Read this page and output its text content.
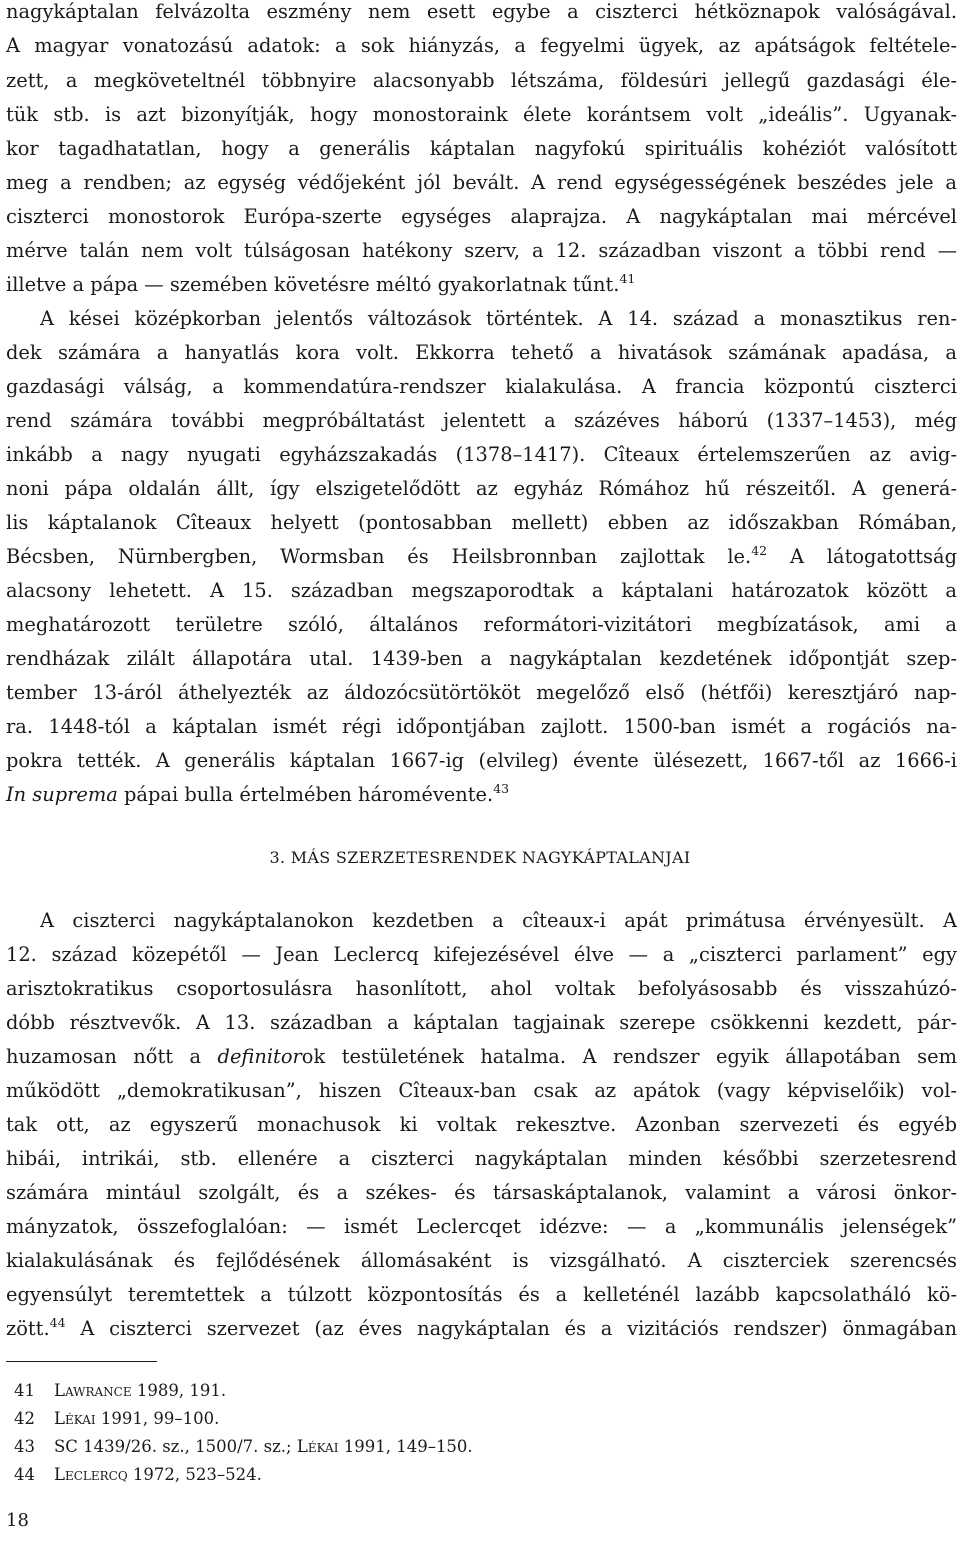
nagykáptalan felvázolta eszmény nem esett egybe a ciszterci hétköznapok valóságával.
A magyar vonatozású adatok: a sok hiányzás, a fegyelmi ügyek, az apátságok feltétele-
zett, a megköveteltnél többnyire alacsonyabb létszáma, földesúri jellegű gazdasági éle-
tük stb. is azt bizonyítják, hogy monostoraink élete korántsem volt „ideális”. Ugyanak-
kor tagadhatatlan, hogy a generális káptalan nagyfokú spirituális kohéziót valósított
meg a rendben; az egység védőjeként jól bevált. A rend egységességének beszédes jele a
ciszterci monostorok Európa-szerte egységes alaprajza. A nagykáptalan mai mércével
mérve talán nem volt túlságosan hatékony szerv, a 12. században viszont a többi rend —
illetve a pápa — szemében követésre méltó gyakorlatnak tűnt.$^{41}$
A kései középkorban jelentős változások történtek. A 14. század a monasztikus ren-
dek számára a hanyatlás kora volt. Ekkorra tehető a hivatások számának apadása, a
gazdasági válság, a kommendatúra-rendszer kialakulása. A francia központú ciszterci
rend számára további megpróbáltatást jelentett a százéves háború (1337–1453), még
inkább a nagy nyugati egyházszakadás (1378–1417). Cîteaux értelemszerűen az avig-
noni pápa oldalán állt, így elszigetelődött az egyház Rómához hű részeitől. A generá-
lis káptalanok Cîteaux helyett (pontosabban mellett) ebben az időszakban Rómában,
Bécsben, Nürnbergben, Wormsban és Heilsbronnban zajlottak le.$^{42}$ A látogatottság
alacsony lehetett. A 15. században megszaporodtak a káptalani határozatok között a
meghatározott területre szóló, általános reformátori-vizitátori megbízatások, ami a
rendházak zilált állapotára utal. 1439-ben a nagykáptalan kezdetének időpontját szep-
tember 13-áról áthelyezték az áldozócsütörtököt megelőző első (hétfői) keresztjáró nap-
ra. 1448-tól a káptalan ismét régi időpontjában zajlott. 1500-ban ismét a rogációs na-
pokra tették. A generális káptalan 1667-ig (elvileg) évente ülésezett, 1667-től az 1666-i
In suprema pápai bulla értelmében háromévente.$^{43}$
3. MÁS SZERZETESRENDEK NAGYKÁPTALANJAI
A ciszterci nagykáptalanokon kezdetben a cîteaux-i apát primátusa érvényesült. A
12. század közepétől — Jean Leclercq kifejezésével élve — a „ciszterci parlament” egy
arisztokratikus csoportosulásra hasonlított, ahol voltak befolyásosabb és visszahúzó-
dóbb résztvevők. A 13. században a káptalan tagjainak szerepe csökkenni kezdett, pár-
huzamosan nőtt a definitorok testületének hatalma. A rendszer egyik állapotában sem
működött „demokratikusan”, hiszen Cîteaux-ban csak az apátok (vagy képviselőik) vol-
tak ott, az egyszerű monachusok ki voltak rekesztve. Azonban szervezeti és egyéb
hibái, intrikái, stb. ellenére a ciszterci nagykáptalan minden későbbi szerzetesrend
számára mintául szolgált, és a székes- és társaskáptalanok, valamint a városi önkor-
mányzatok, összefoglalóan: — ismét Leclercqet idézve: — a „kommunális jelenségek”
kialakulásának és fejlődésének állomásaként is vizsgálható. A ciszterciek szerencsés
egyensúlyt teremtettek a túlzott központosítás és a kelleténél lazább kapcsolatháló kö-
zött.$^{44}$ A ciszterci szervezet (az éves nagykáptalan és a vizitációs rendszer) önmagában
41 Lawrance 1989, 191.
42 Lékai 1991, 99–100.
43 SC 1439/26. sz., 1500/7. sz.; Lékai 1991, 149–150.
44 Leclercq 1972, 523–524.
18
